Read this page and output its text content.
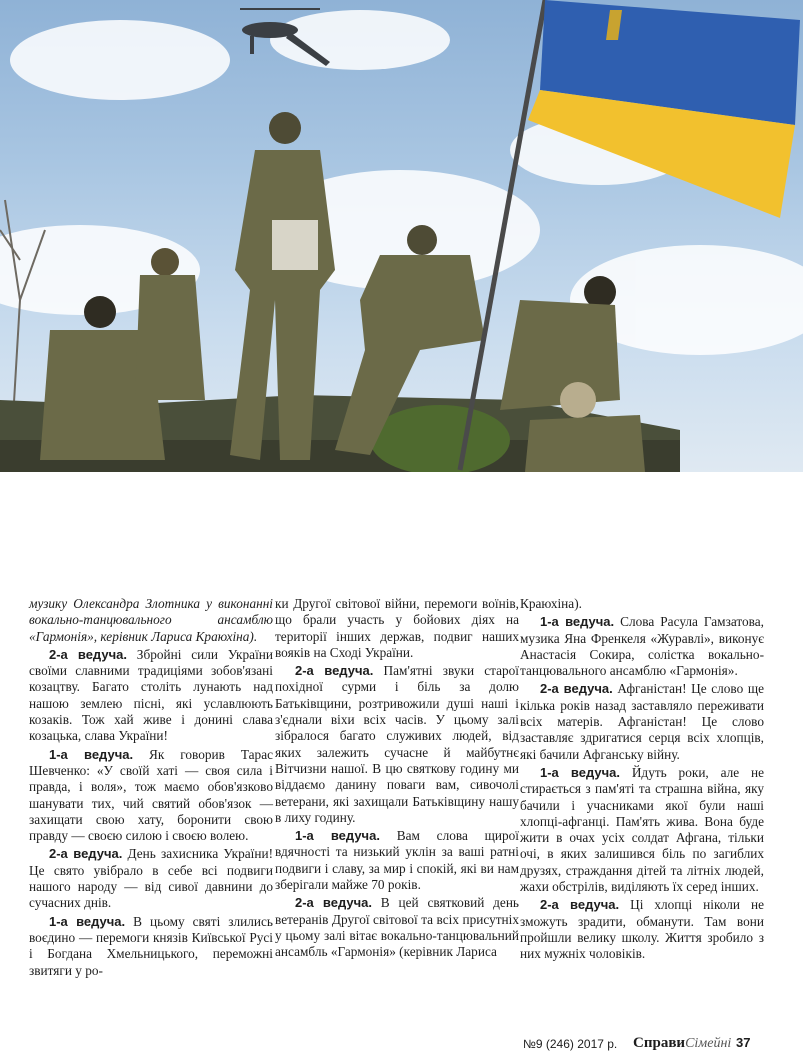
музику Олександра Злотника у виконанні вокально-танцювального ансамблю «Гармонія», керівник Лариса Краюхіна).

2-а ведуча. Збройні сили України своїми славними традиціями зобов'язані козацтву. Багато століть лунають над нашою землею пісні, які уславлюють козаків. Тож хай живе і донині слава козацька, слава України!

1-а ведуча. Як говорив Тарас Шевченко: «У своїй хаті — своя сила і правда, і воля», тож маємо обов'язково шанувати тих, чий святий обов'язок — захищати свою хату, боронити свою правду — своєю силою і своєю волею.

2-а ведуча. День захисника України! Це свято увібрало в себе всі подвиги нашого народу — від сивої давнини до сучасних днів.

1-а ведуча. В цьому святі злились воєдино — перемоги князів Київської Русі і Богдана Хмельницького, переможні звитяги у ро-

ки Другої світової війни, перемоги воїнів, що брали участь у бойових діях на території інших держав, подвиг наших вояків на Сході України.

2-а ведуча. Пам'ятні звуки старої похідної сурми і біль за долю Батьківщини, розтривожили душі наші і з'єднали віхи всіх часів. У цьому залі зібралося багато служивих людей, від яких залежить сучасне й майбутнє Вітчизни нашої. В цю святкову годину ми віддаємо данину поваги вам, сивочолі ветерани, які захищали Батьківщину нашу в лиху годину.

1-а ведуча. Вам слова щирої вдячності та низький уклін за ваші ратні подвиги і славу, за мир і спокій, які ви нам зберігали майже 70 років.

2-а ведуча. В цей святковий день ветеранів Другої світової та всіх присутніх у цьому залі вітає вокально-танцювальний ансамбль «Гармонія» (керівник Лариса

Краюхіна).

1-а ведуча. Слова Расула Гамзатова, музика Яна Френкеля «Журавлі», виконує Анастасія Сокира, солістка вокально-танцювального ансамблю «Гармонія».

2-а ведуча. Афганістан! Це слово ще кілька років назад заставляло переживати всіх матерів. Афганістан! Це слово заставляє здригатися серця всіх хлопців, які бачили Афганську війну.

1-а ведуча. Йдуть роки, але не стирається з пам'яті та страшна війна, яку бачили і учасниками якої були наші хлопці-афганці. Пам'ять жива. Вона буде жити в очах усіх солдат Афгана, тільки очі, в яких залишився біль по загиблих друзях, страждання дітей та літніх людей, жахи обстрілів, виділяють їх серед інших.

2-а ведуча. Ці хлопці ніколи не зможуть зрадити, обманути. Там вони пройшли велику школу. Життя зробило з них мужніх чоловіків.

№9 (246) 2017 р. СправиСімейні 37
